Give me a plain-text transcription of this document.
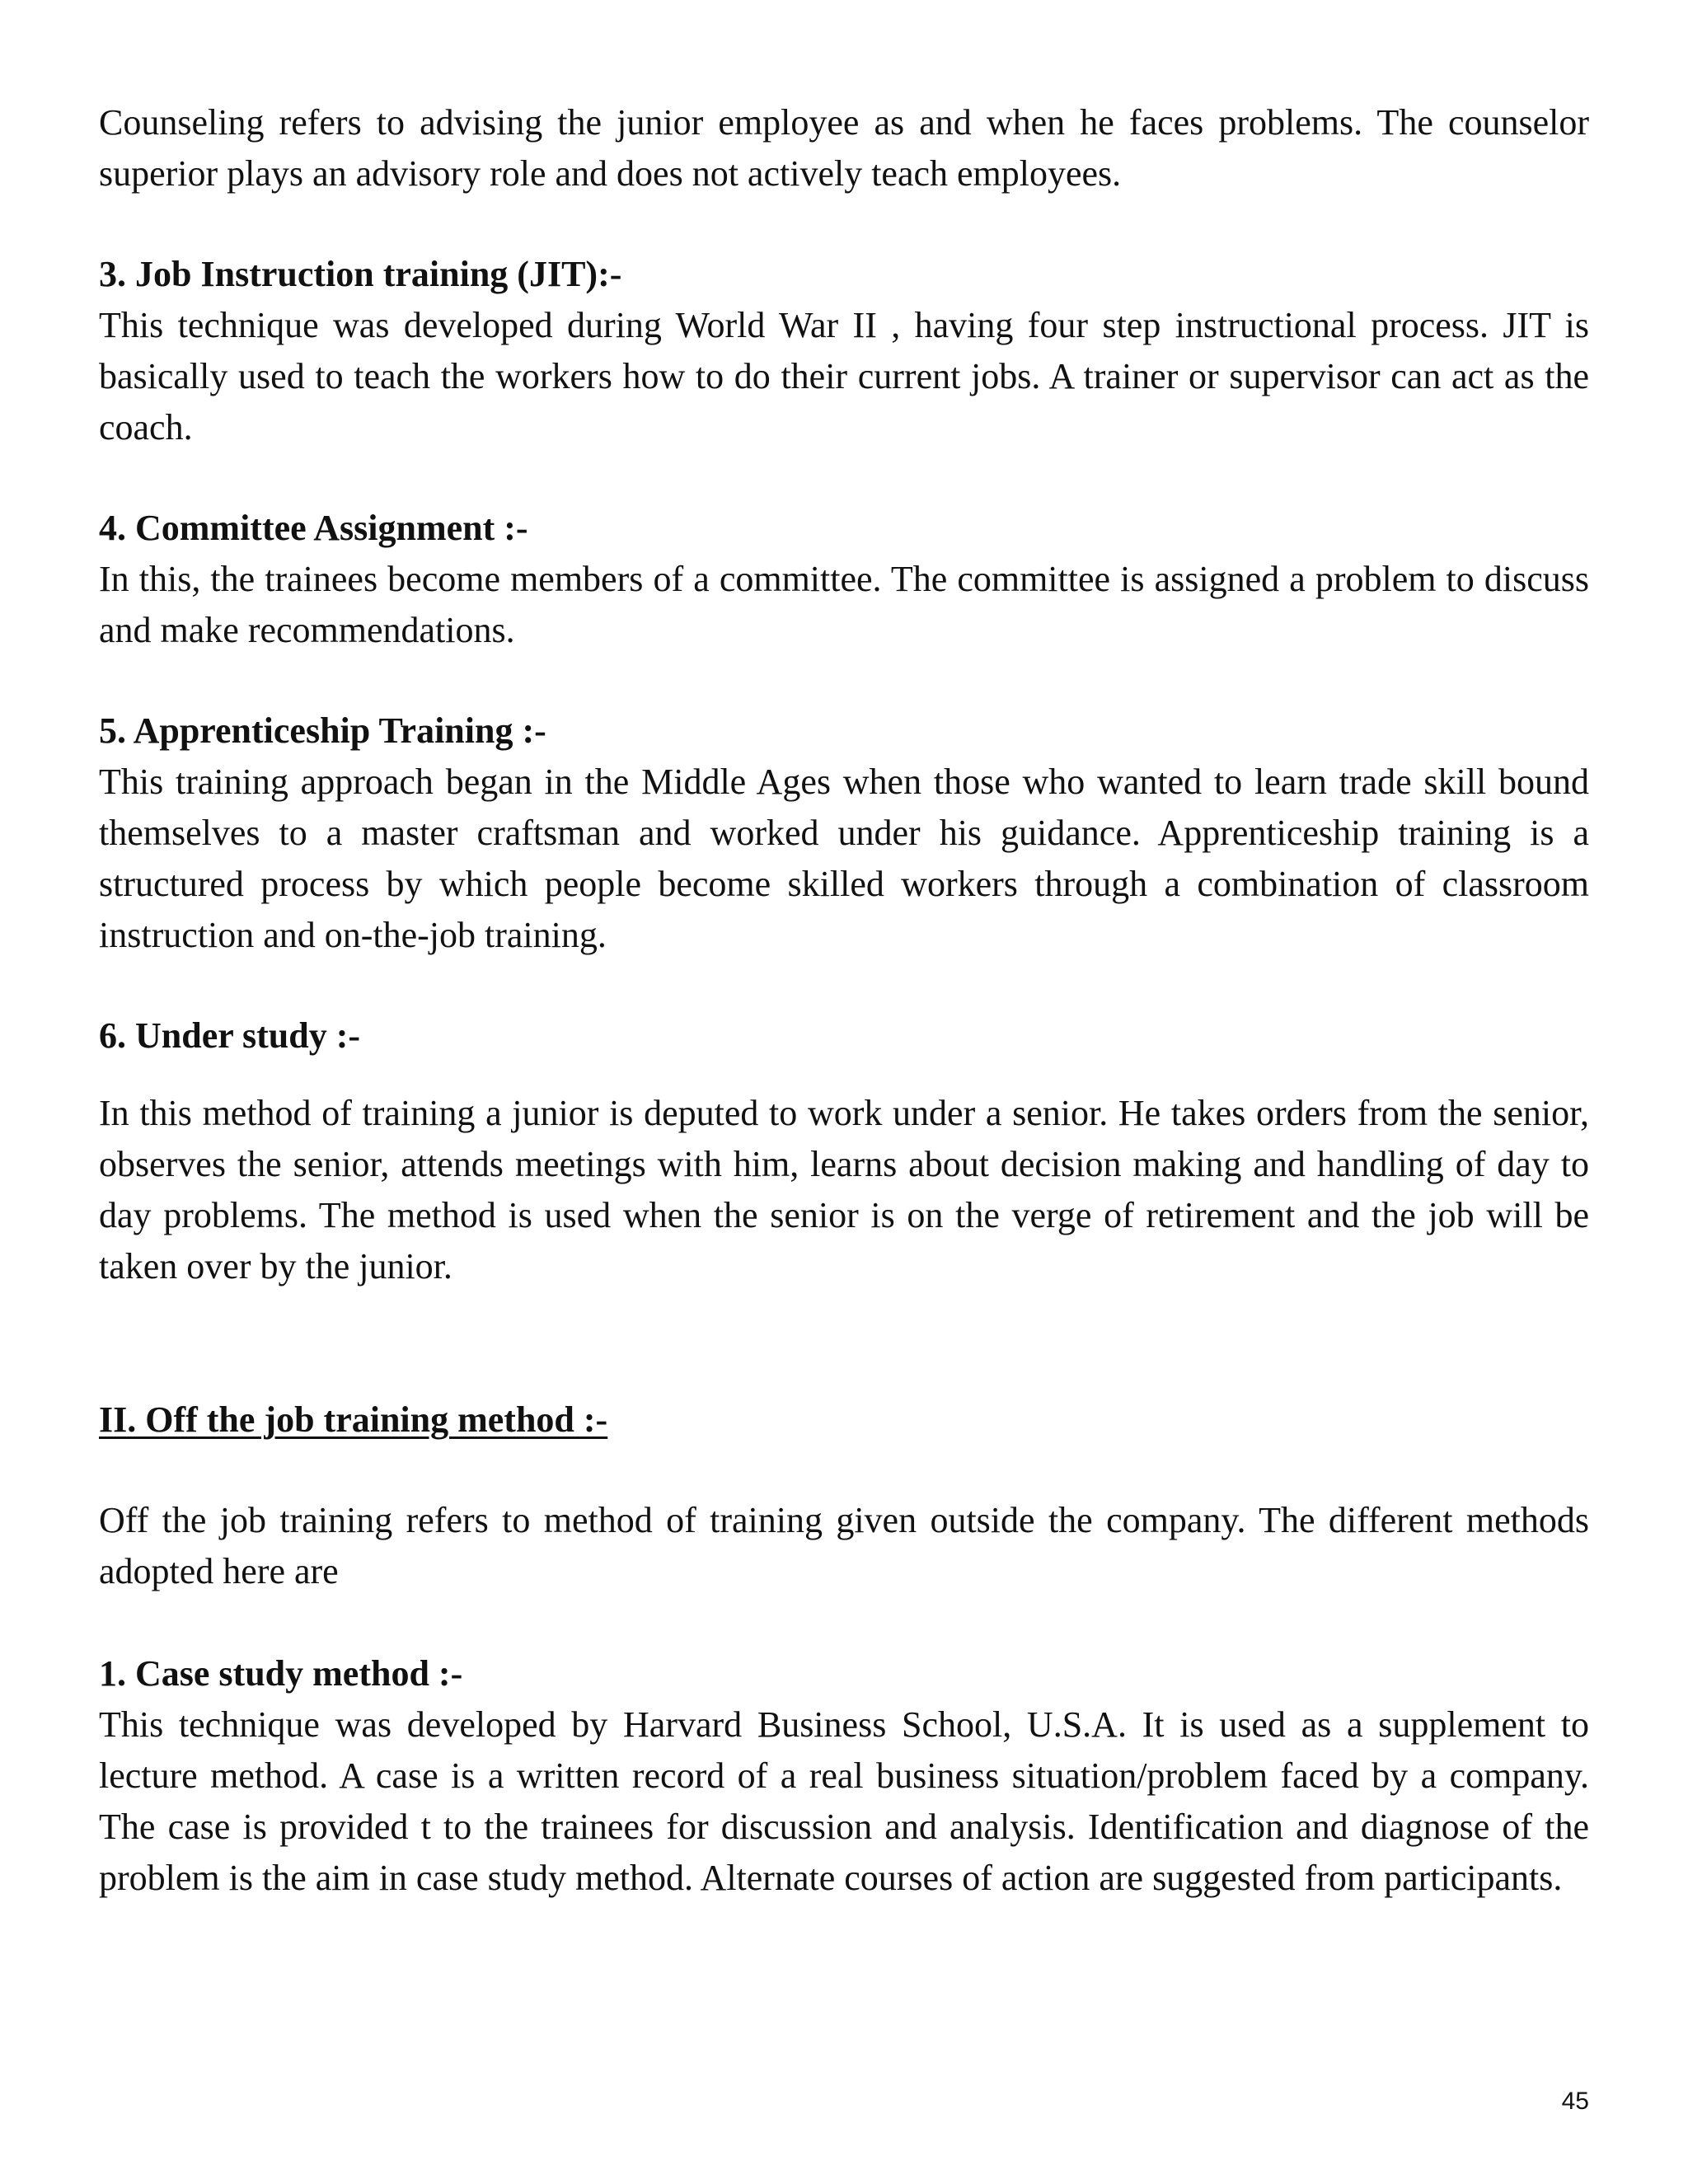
Counseling refers to advising the junior employee as and when he faces problems. The counselor superior plays an advisory role and does not actively teach employees.

3. Job Instruction training (JIT):-

This technique was developed during World War II , having four step instructional process. JIT is basically used to teach the workers how to do their current jobs. A trainer or supervisor can act as the coach.

4. Committee Assignment :-

In this, the trainees become members of a committee. The committee is assigned a problem to discuss and make recommendations.

5. Apprenticeship Training :-

This training approach began in the Middle Ages when those who wanted to learn trade skill bound themselves to a master craftsman and worked under his guidance. Apprenticeship training is a structured process by which people become skilled workers through a combination of classroom instruction and on-the-job training.

6. Under study :-

In this method of training a junior is deputed to work under a senior. He takes orders from the senior, observes the senior, attends meetings with him, learns about decision making and handling of day to day problems. The method is used when the senior is on the verge of retirement and the job will be taken over by the junior.

II. Off the job training method :-

Off the job training refers to method of training given outside the company. The different methods adopted here are

1. Case study method :-

This technique was developed by Harvard Business School, U.S.A. It is used as a supplement to lecture method. A case is a written record of a real business situation/problem faced by a company. The case is provided t to the trainees for discussion and analysis. Identification and diagnose of the problem is the aim in case study method. Alternate courses of action are suggested from participants.

45
